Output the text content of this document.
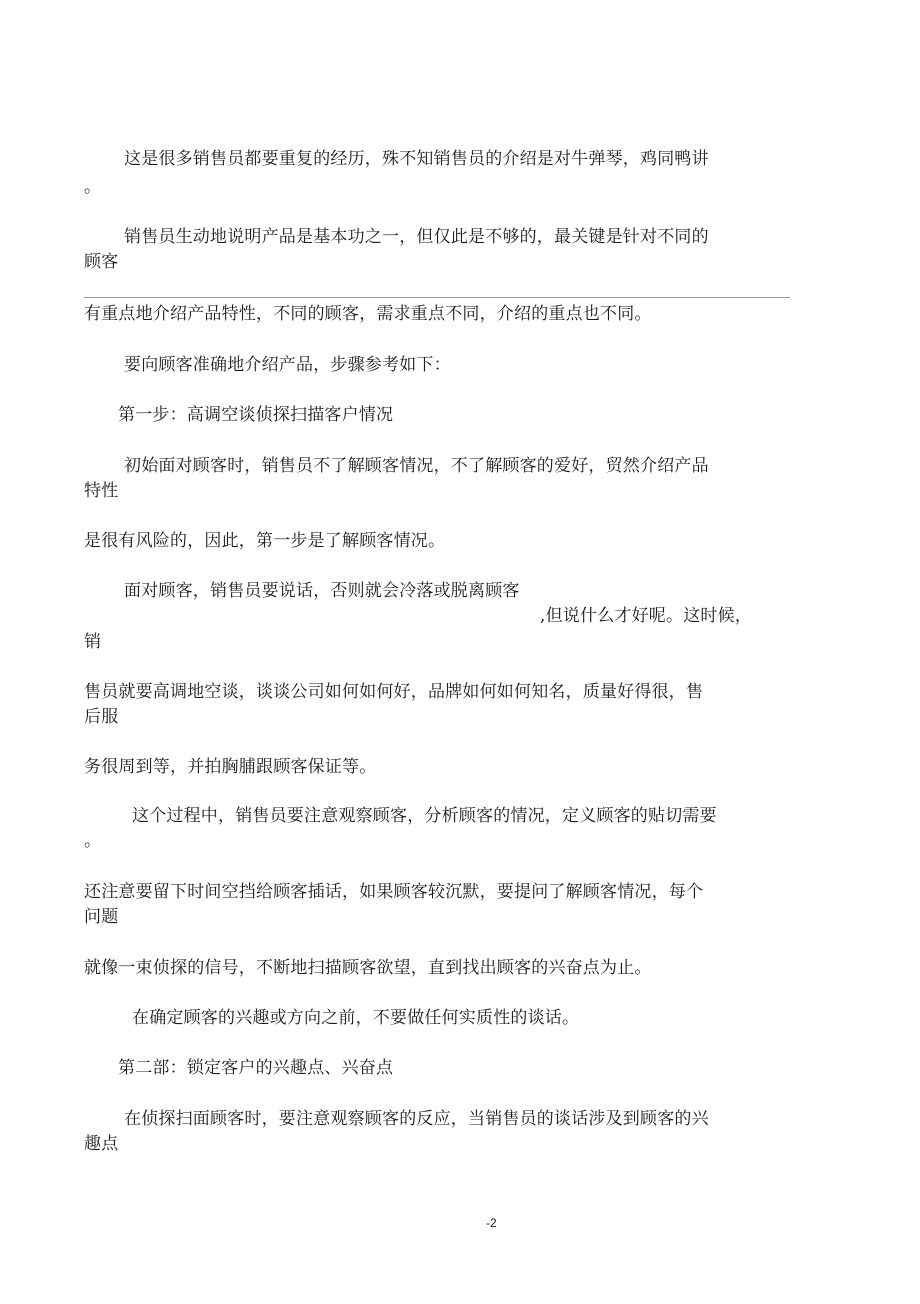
这是很多销售员都要重复的经历，殊不知销售员的介绍是对牛弹琴，鸡同鸭讲
。
销售员生动地说明产品是基本功之一，但仅此是不够的，最关键是针对不同的
顾客
有重点地介绍产品特性，不同的顾客，需求重点不同，介绍的重点也不同。
要向顾客准确地介绍产品，步骤参考如下：
第一步：高调空谈侦探扫描客户情况
初始面对顾客时，销售员不了解顾客情况，不了解顾客的爱好，贸然介绍产品
特性
是很有风险的，因此，第一步是了解顾客情况。
面对顾客，销售员要说话，否则就会冷落或脱离顾客
,但说什么才好呢。这时候，
销
售员就要高调地空谈，谈谈公司如何如何好，品牌如何如何知名，质量好得很，售
后服
务很周到等，并拍胸脯跟顾客保证等。
这个过程中，销售员要注意观察顾客，分析顾客的情况，定义顾客的贴切需要
。
还注意要留下时间空挡给顾客插话，如果顾客较沉默，要提问了解顾客情况，每个
问题
就像一束侦探的信号，不断地扫描顾客欲望，直到找出顾客的兴奋点为止。
在确定顾客的兴趣或方向之前，不要做任何实质性的谈话。
第二部：锁定客户的兴趣点、兴奋点
在侦探扫面顾客时，要注意观察顾客的反应，当销售员的谈话涉及到顾客的兴
趣点
-2
